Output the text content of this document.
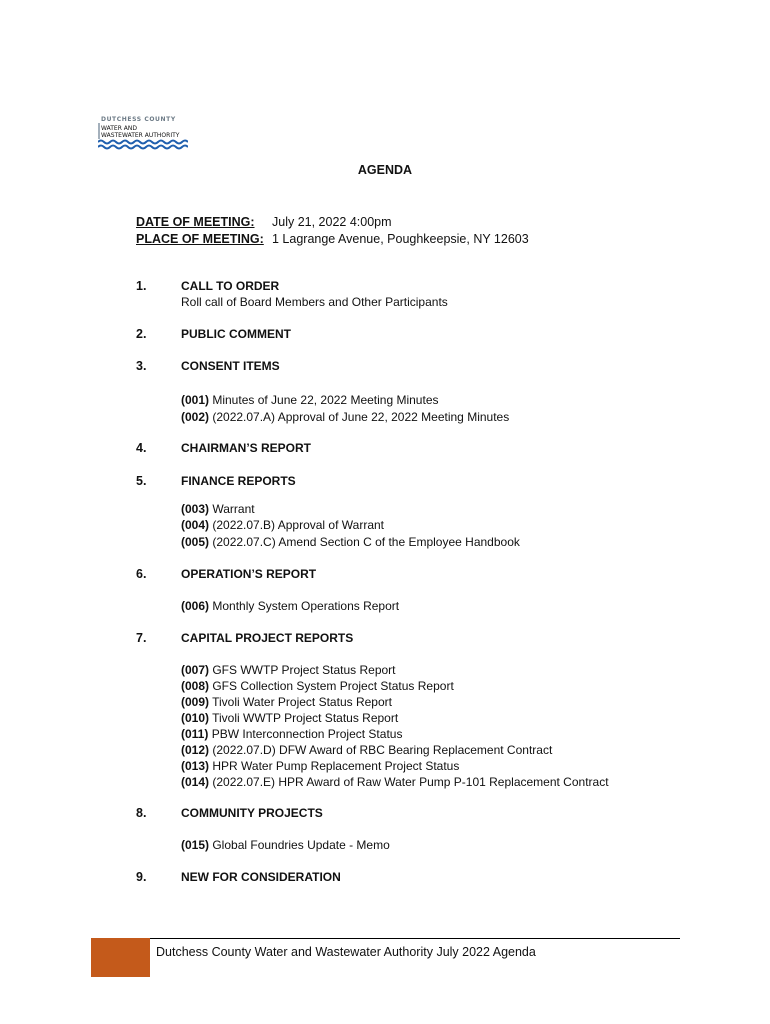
DUTCHESS COUNTY
WATER AND
WASTEWATER AUTHORITY
AGENDA
DATE OF MEETING: July 21, 2022 4:00pm
PLACE OF MEETING: 1 Lagrange Avenue, Poughkeepsie, NY 12603
1.	CALL TO ORDER
Roll call of Board Members and Other Participants
2.	PUBLIC COMMENT
3.	CONSENT ITEMS
(001) Minutes of June 22, 2022 Meeting Minutes
(002) (2022.07.A) Approval of June 22, 2022 Meeting Minutes
4.	CHAIRMAN’S REPORT
5.	FINANCE REPORTS
(003) Warrant
(004) (2022.07.B) Approval of Warrant
(005) (2022.07.C) Amend Section C of the Employee Handbook
6.	OPERATION’S REPORT
(006) Monthly System Operations Report
7.	CAPITAL PROJECT REPORTS
(007) GFS WWTP Project Status Report
(008) GFS Collection System Project Status Report
(009) Tivoli Water Project Status Report
(010) Tivoli WWTP Project Status Report
(011) PBW Interconnection Project Status
(012) (2022.07.D) DFW Award of RBC Bearing Replacement Contract
(013) HPR Water Pump Replacement Project Status
(014) (2022.07.E) HPR Award of Raw Water Pump P-101 Replacement Contract
8.	COMMUNITY PROJECTS
(015) Global Foundries Update - Memo
9.	NEW FOR CONSIDERATION
Dutchess County Water and Wastewater Authority July 2022 Agenda
